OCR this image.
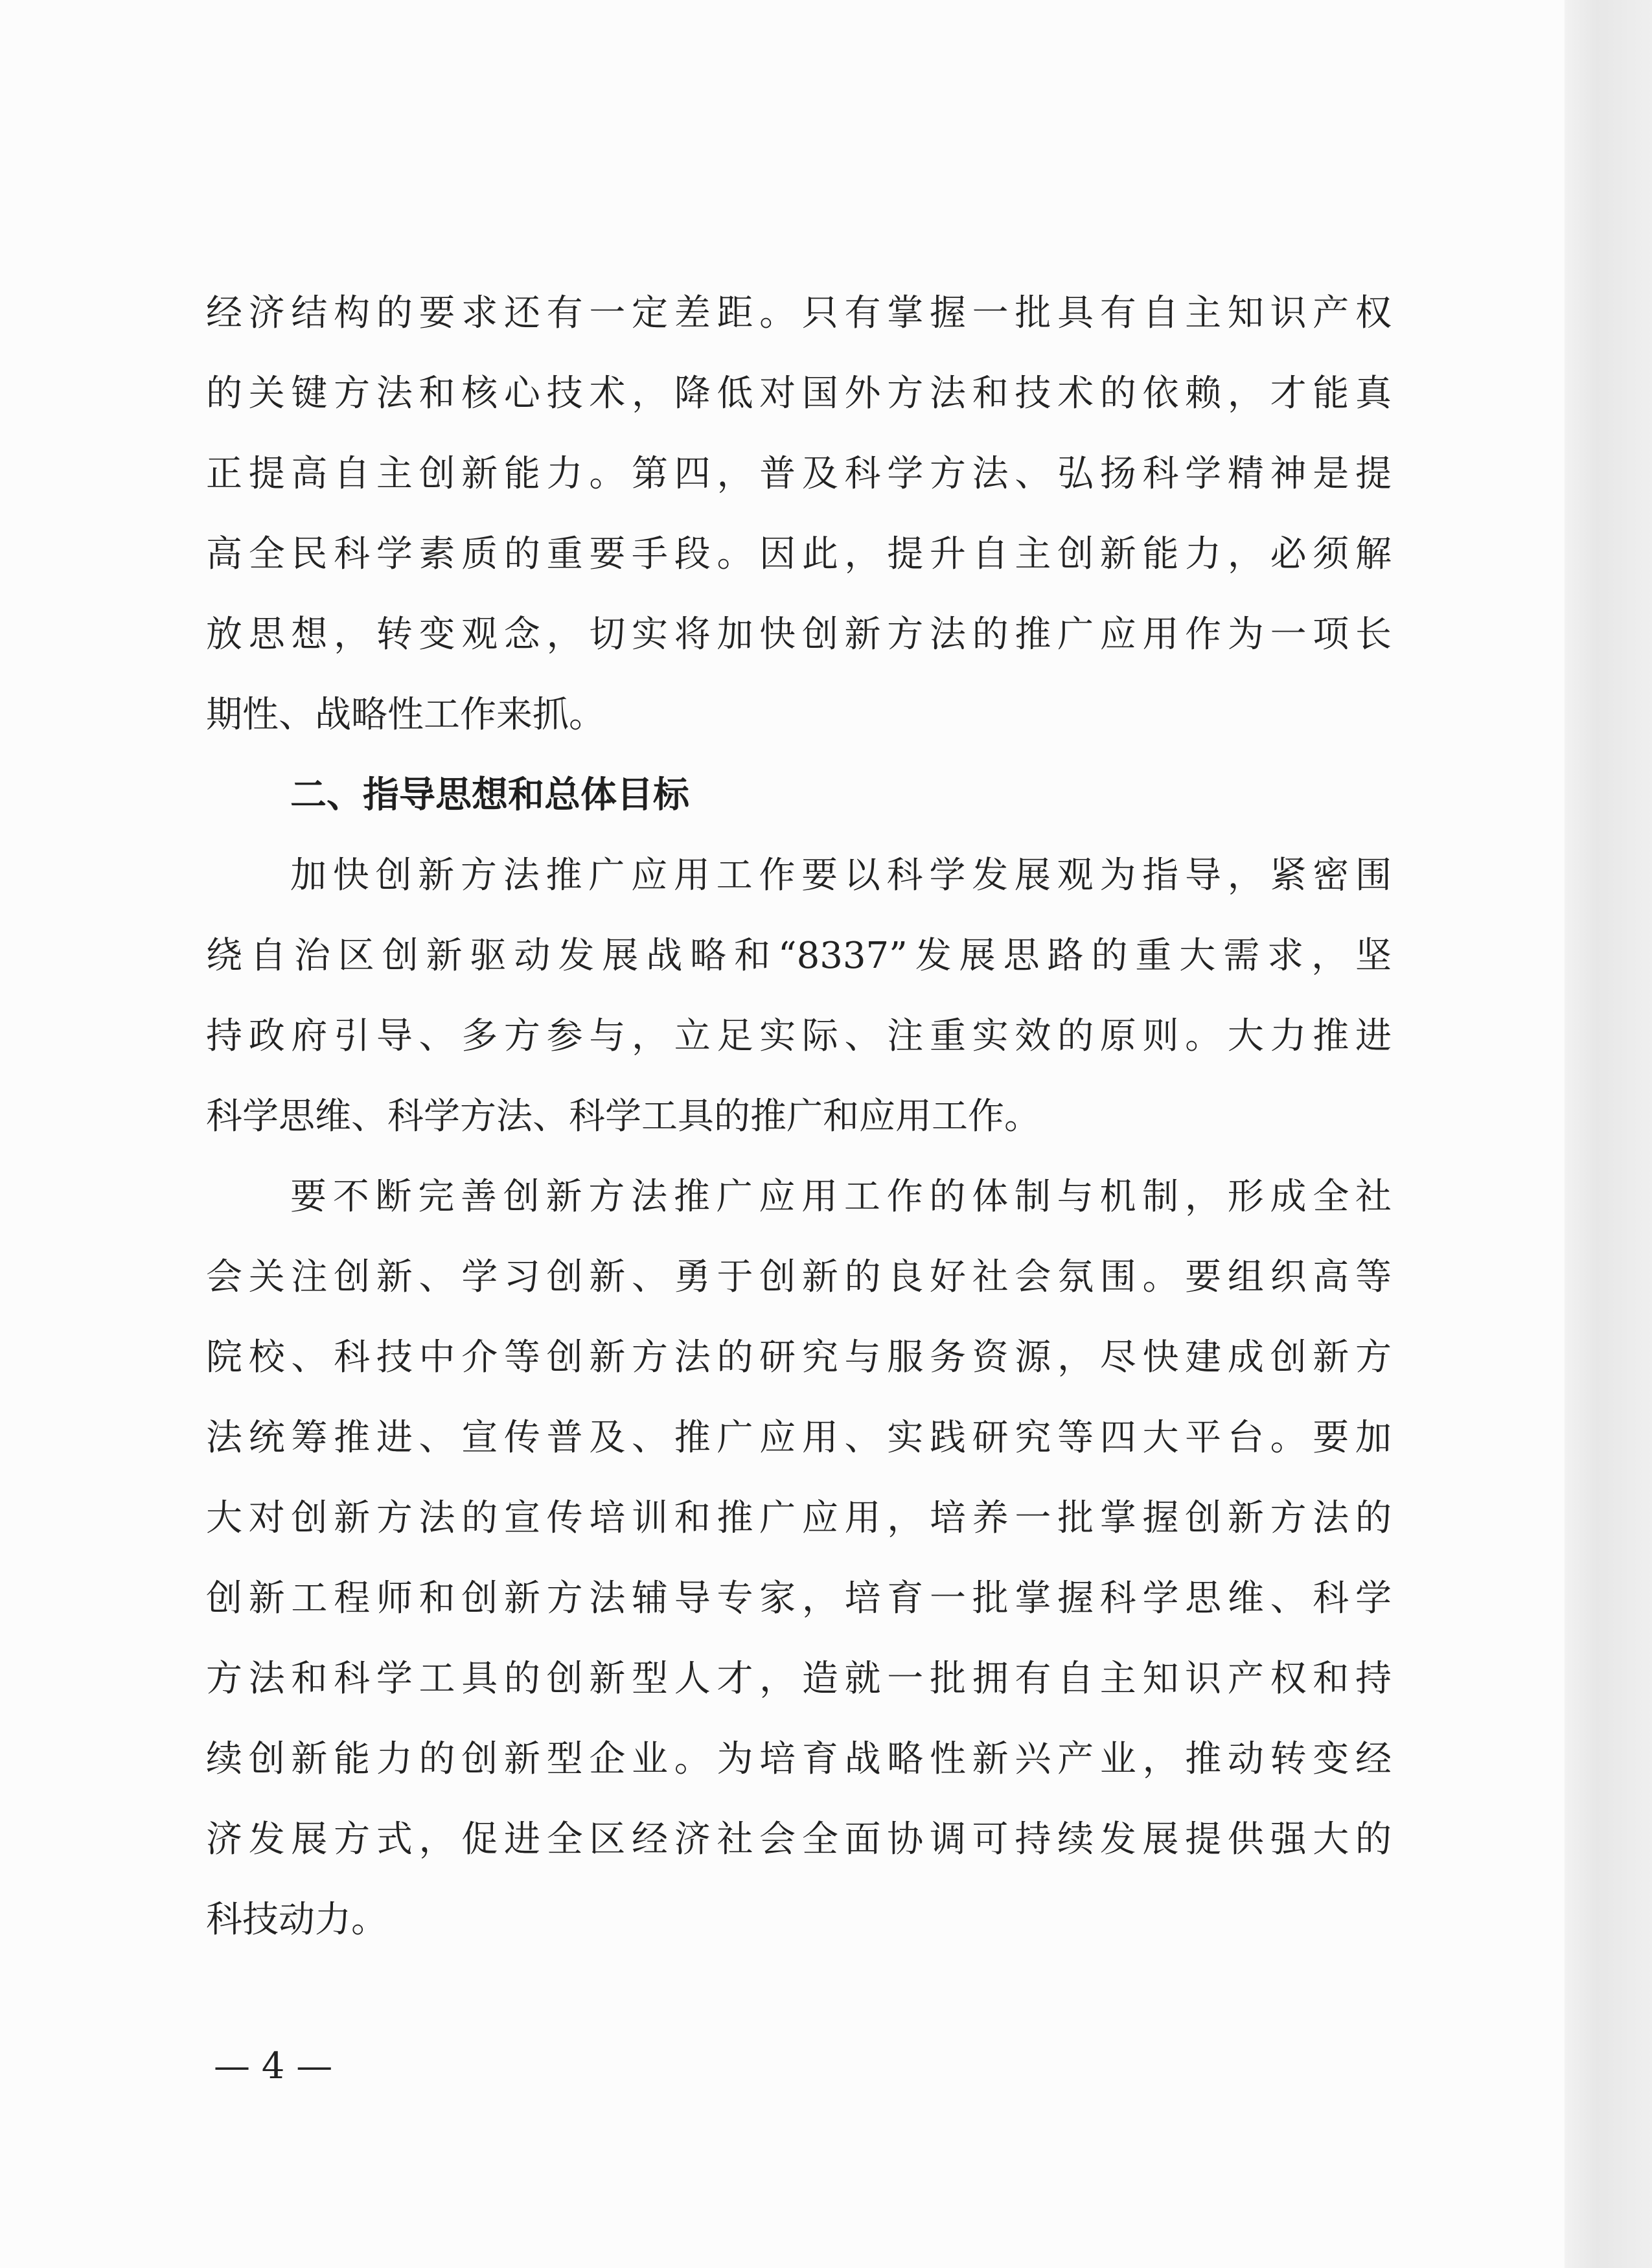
经济结构的要求还有一定差距。只有掌握一批具有自主知识产权
的关键方法和核心技术，降低对国外方法和技术的依赖，才能真
正提高自主创新能力。第四，普及科学方法、弘扬科学精神是提
高全民科学素质的重要手段。因此，提升自主创新能力，必须解
放思想，转变观念，切实将加快创新方法的推广应用作为一项长
期性、战略性工作来抓。
二、指导思想和总体目标
加快创新方法推广应用工作要以科学发展观为指导，紧密围
绕自治区创新驱动发展战略和“8337”发展思路的重大需求，坚
持政府引导、多方参与，立足实际、注重实效的原则。大力推进
科学思维、科学方法、科学工具的推广和应用工作。
要不断完善创新方法推广应用工作的体制与机制，形成全社
会关注创新、学习创新、勇于创新的良好社会氛围。要组织高等
院校、科技中介等创新方法的研究与服务资源，尽快建成创新方
法统筹推进、宣传普及、推广应用、实践研究等四大平台。要加
大对创新方法的宣传培训和推广应用，培养一批掌握创新方法的
创新工程师和创新方法辅导专家，培育一批掌握科学思维、科学
方法和科学工具的创新型人才，造就一批拥有自主知识产权和持
续创新能力的创新型企业。为培育战略性新兴产业，推动转变经
济发展方式，促进全区经济社会全面协调可持续发展提供强大的
科技动力。
— 4 —
